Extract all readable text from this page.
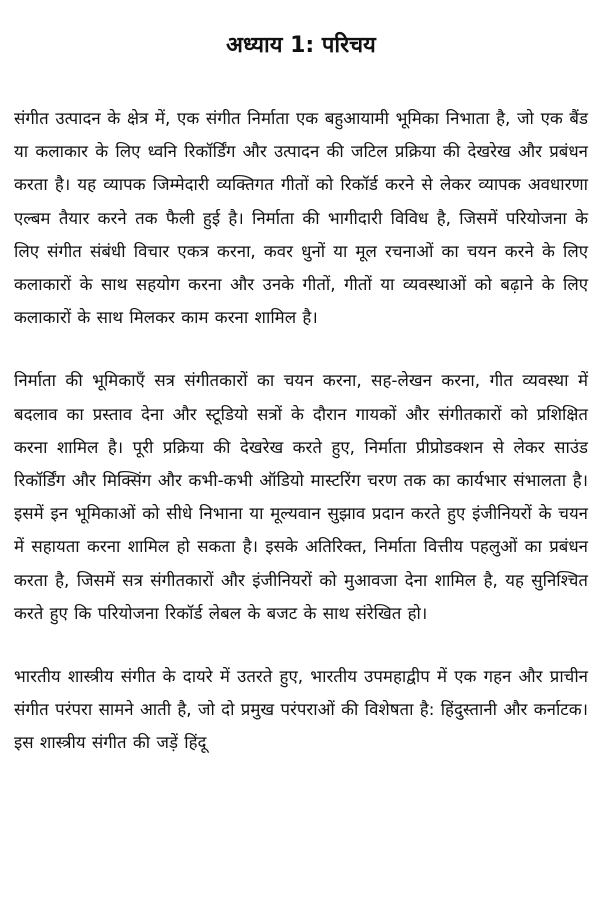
अध्याय 1: परिचय

संगीत उत्पादन के क्षेत्र में, एक संगीत निर्माता एक बहुआयामी भूमिका निभाता है, जो एक बैंड या कलाकार के लिए ध्वनि रिकॉर्डिंग और उत्पादन की जटिल प्रक्रिया की देखरेख और प्रबंधन करता है। यह व्यापक जिम्मेदारी व्यक्तिगत गीतों को रिकॉर्ड करने से लेकर व्यापक अवधारणा एल्बम तैयार करने तक फैली हुई है। निर्माता की भागीदारी विविध है, जिसमें परियोजना के लिए संगीत संबंधी विचार एकत्र करना, कवर धुनों या मूल रचनाओं का चयन करने के लिए कलाकारों के साथ सहयोग करना और उनके गीतों, गीतों या व्यवस्थाओं को बढ़ाने के लिए कलाकारों के साथ मिलकर काम करना शामिल है।

निर्माता की भूमिकाएँ सत्र संगीतकारों का चयन करना, सह-लेखन करना, गीत व्यवस्था में बदलाव का प्रस्ताव देना और स्टूडियो सत्रों के दौरान गायकों और संगीतकारों को प्रशिक्षित करना शामिल है। पूरी प्रक्रिया की देखरेख करते हुए, निर्माता प्रीप्रोडक्शन से लेकर साउंड रिकॉर्डिंग और मिक्सिंग और कभी-कभी ऑडियो मास्टरिंग चरण तक का कार्यभार संभालता है। इसमें इन भूमिकाओं को सीधे निभाना या मूल्यवान सुझाव प्रदान करते हुए इंजीनियरों के चयन में सहायता करना शामिल हो सकता है। इसके अतिरिक्त, निर्माता वित्तीय पहलुओं का प्रबंधन करता है, जिसमें सत्र संगीतकारों और इंजीनियरों को मुआवजा देना शामिल है, यह सुनिश्चित करते हुए कि परियोजना रिकॉर्ड लेबल के बजट के साथ संरेखित हो।

भारतीय शास्त्रीय संगीत के दायरे में उतरते हुए, भारतीय उपमहाद्वीप में एक गहन और प्राचीन संगीत परंपरा सामने आती है, जो दो प्रमुख परंपराओं की विशेषता है: हिंदुस्तानी और कर्नाटक। इस शास्त्रीय संगीत की जड़ें हिंदू
